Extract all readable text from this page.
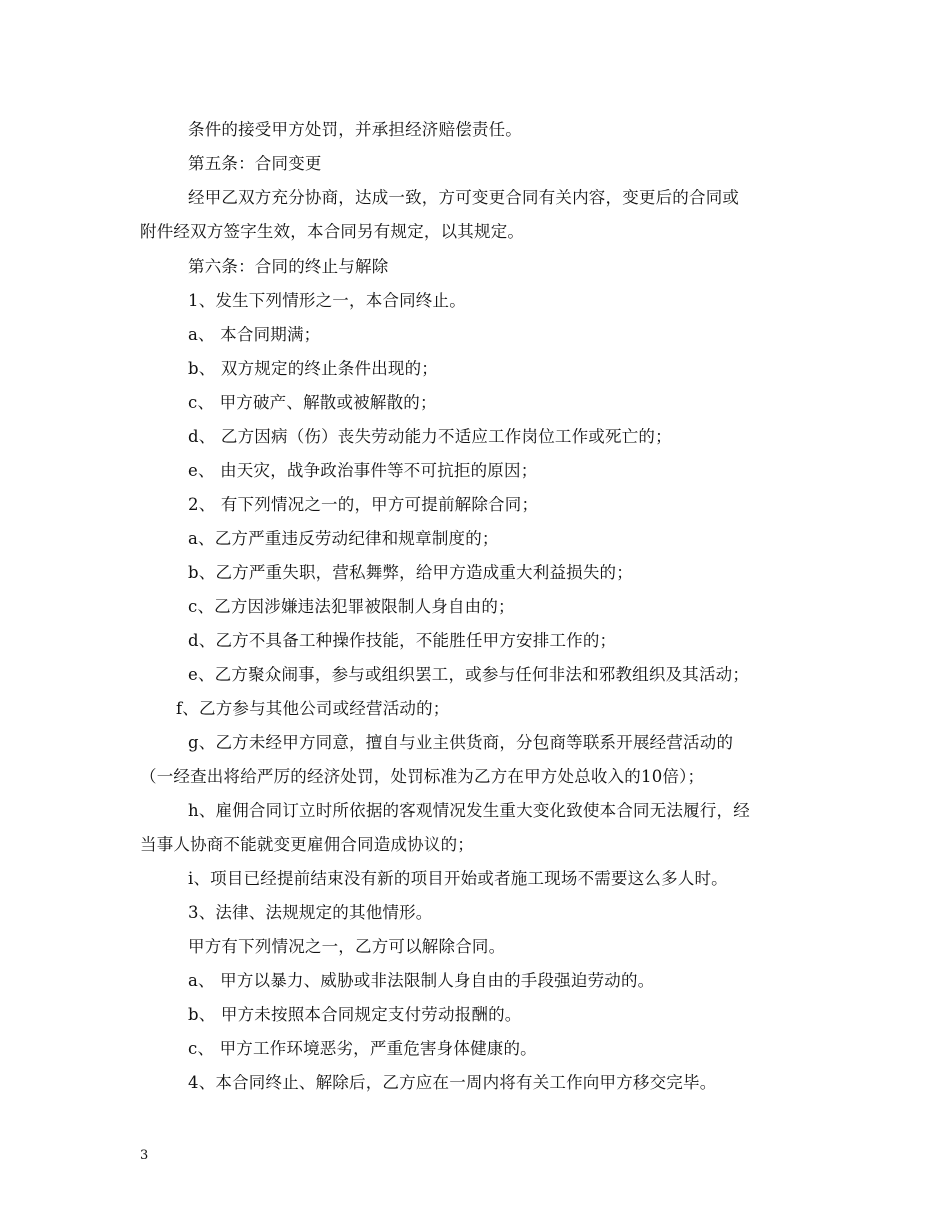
条件的接受甲方处罚，并承担经济赔偿责任。
第五条：合同变更
经甲乙双方充分协商，达成一致，方可变更合同有关内容，变更后的合同或
附件经双方签字生效，本合同另有规定，以其规定。
第六条：合同的终止与解除
1、发生下列情形之一，本合同终止。
a、 本合同期满；
b、 双方规定的终止条件出现的；
c、 甲方破产、解散或被解散的；
d、 乙方因病（伤）丧失劳动能力不适应工作岗位工作或死亡的；
e、 由天灾，战争政治事件等不可抗拒的原因；
2、 有下列情况之一的，甲方可提前解除合同；
a、乙方严重违反劳动纪律和规章制度的；
b、乙方严重失职，营私舞弊，给甲方造成重大利益损失的；
c、乙方因涉嫌违法犯罪被限制人身自由的；
d、乙方不具备工种操作技能，不能胜任甲方安排工作的；
e、乙方聚众闹事，参与或组织罢工，或参与任何非法和邪教组织及其活动；
f、乙方参与其他公司或经营活动的；
g、乙方未经甲方同意，擅自与业主供货商，分包商等联系开展经营活动的
（一经查出将给严厉的经济处罚，处罚标准为乙方在甲方处总收入的10倍）；
h、雇佣合同订立时所依据的客观情况发生重大变化致使本合同无法履行，经
当事人协商不能就变更雇佣合同造成协议的；
i、项目已经提前结束没有新的项目开始或者施工现场不需要这么多人时。
3、法律、法规规定的其他情形。
甲方有下列情况之一，乙方可以解除合同。
a、 甲方以暴力、威胁或非法限制人身自由的手段强迫劳动的。
b、 甲方未按照本合同规定支付劳动报酬的。
c、 甲方工作环境恶劣，严重危害身体健康的。
4、本合同终止、解除后，乙方应在一周内将有关工作向甲方移交完毕。
3
